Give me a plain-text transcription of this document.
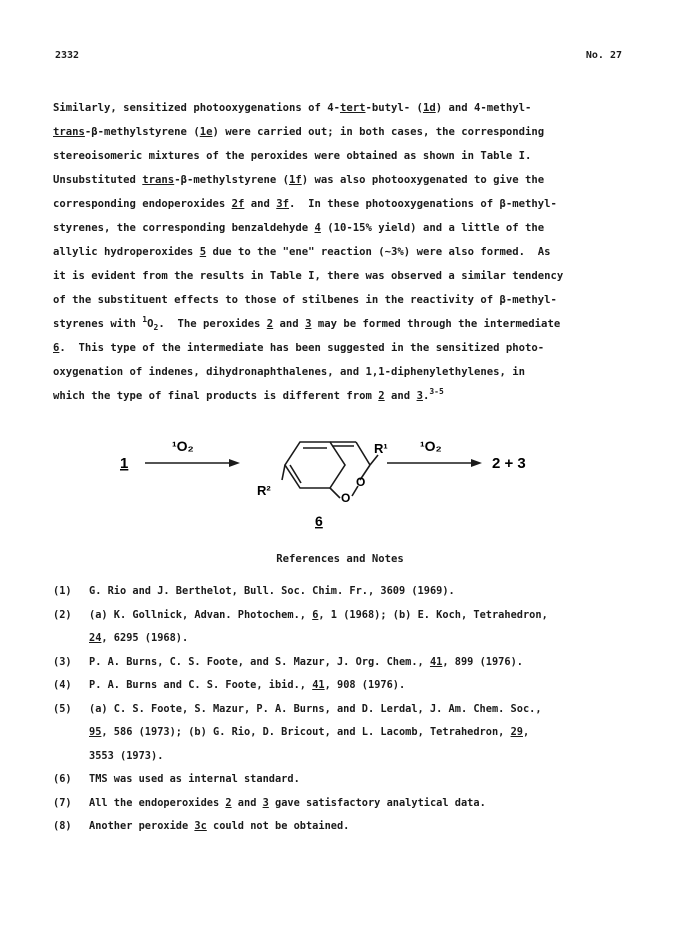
2332	No. 27
Similarly, sensitized photooxygenations of 4-tert-butyl- (1d) and 4-methyl-
trans-β-methylstyrene (1e) were carried out; in both cases, the corresponding
stereoisomeric mixtures of the peroxides were obtained as shown in Table I.
Unsubstituted trans-β-methylstyrene (1f) was also photooxygenated to give the
corresponding endoperoxides 2f and 3f.  In these photooxygenations of β-methyl-
styrenes, the corresponding benzaldehyde 4 (10-15% yield) and a little of the
allylic hydroperoxides 5 due to the "ene" reaction (~3%) were also formed.  As
it is evident from the results in Table I, there was observed a similar tendency
of the substituent effects to those of stilbenes in the reactivity of β-methyl-
styrenes with $^1O_2$.  The peroxides 2 and 3 may be formed through the intermediate
6.  This type of the intermediate has been suggested in the sensitized photo-
oxygenation of indenes, dihydronaphthalenes, and 1,1-diphenylethylenes, in
which the type of final products is different from 2 and 3.$^{3-5}$
1
¹O₂	R¹
R²	O
O
6
¹O₂
2 + 3
References and Notes
(1)	G. Rio and J. Berthelot, Bull. Soc. Chim. Fr., 3609 (1969).
(2)	(a) K. Gollnick, Advan. Photochem., 6, 1 (1968); (b) E. Koch, Tetrahedron,
24, 6295 (1968).
(3)	P. A. Burns, C. S. Foote, and S. Mazur, J. Org. Chem., 41, 899 (1976).
(4)	P. A. Burns and C. S. Foote, ibid., 41, 908 (1976).
(5)	(a) C. S. Foote, S. Mazur, P. A. Burns, and D. Lerdal, J. Am. Chem. Soc.,
95, 586 (1973); (b) G. Rio, D. Bricout, and L. Lacomb, Tetrahedron, 29,
3553 (1973).
(6)	TMS was used as internal standard.
(7)	All the endoperoxides 2 and 3 gave satisfactory analytical data.
(8)	Another peroxide 3c could not be obtained.
